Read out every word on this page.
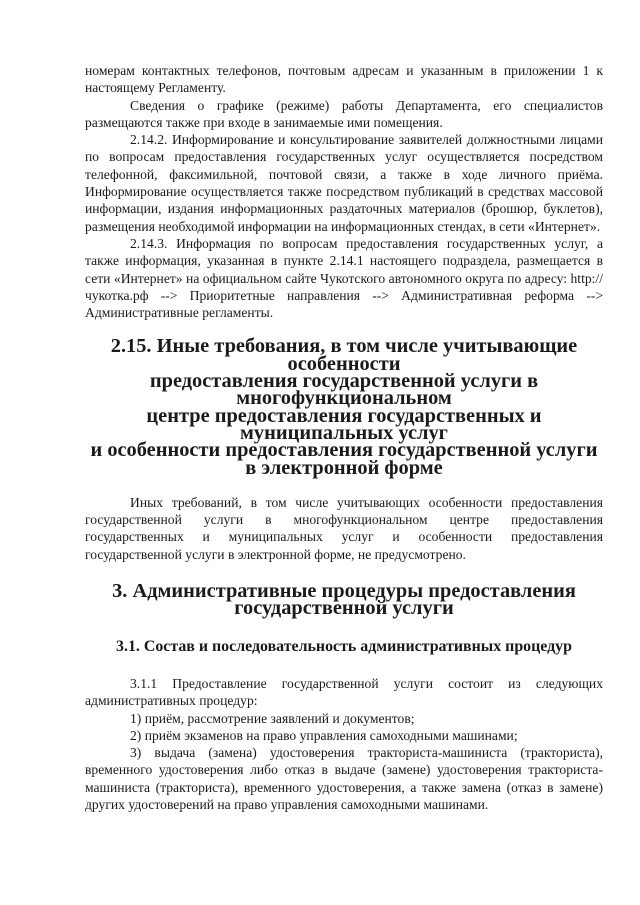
номерам контактных телефонов, почтовым адресам и указанным в приложении 1 к настоящему Регламенту.

Сведения о графике (режиме) работы Департамента, его специалистов размещаются также при входе в занимаемые ими помещения.

2.14.2. Информирование и консультирование заявителей должностными лицами по вопросам предоставления государственных услуг осуществляется посредством телефонной, факсимильной, почтовой связи, а также в ходе личного приёма. Информирование осуществляется также посредством публикаций в средствах массовой информации, издания информационных раздаточных материалов (брошюр, буклетов), размещения необходимой информации на информационных стендах, в сети «Интернет».

2.14.3. Информация по вопросам предоставления государственных услуг, а также информация, указанная в пункте 2.14.1 настоящего подраздела, размещается в сети «Интернет» на официальном сайте Чукотского автономного округа по адресу: http://чукотка.рф --> Приоритетные направления --> Административная реформа --> Административные регламенты.

2.15. Иные требования, в том числе учитывающие особенности
предоставления государственной услуги в многофункциональном
центре предоставления государственных и муниципальных услуг
и особенности предоставления государственной услуги
в электронной форме

Иных требований, в том числе учитывающих особенности предоставления государственной услуги в многофункциональном центре предоставления государственных и муниципальных услуг и особенности предоставления государственной услуги в электронной форме, не предусмотрено.

3. Административные процедуры предоставления государственной услуги
3.1. Состав и последовательность административных процедур

3.1.1 Предоставление государственной услуги состоит из следующих административных процедур:

1) приём, рассмотрение заявлений и документов;

2) приём экзаменов на право управления самоходными машинами;

3) выдача (замена) удостоверения тракториста-машиниста (тракториста), временного удостоверения либо отказ в выдаче (замене) удостоверения тракториста-машиниста (тракториста), временного удостоверения, а также замена (отказ в замене) других удостоверений на право управления самоходными машинами.
